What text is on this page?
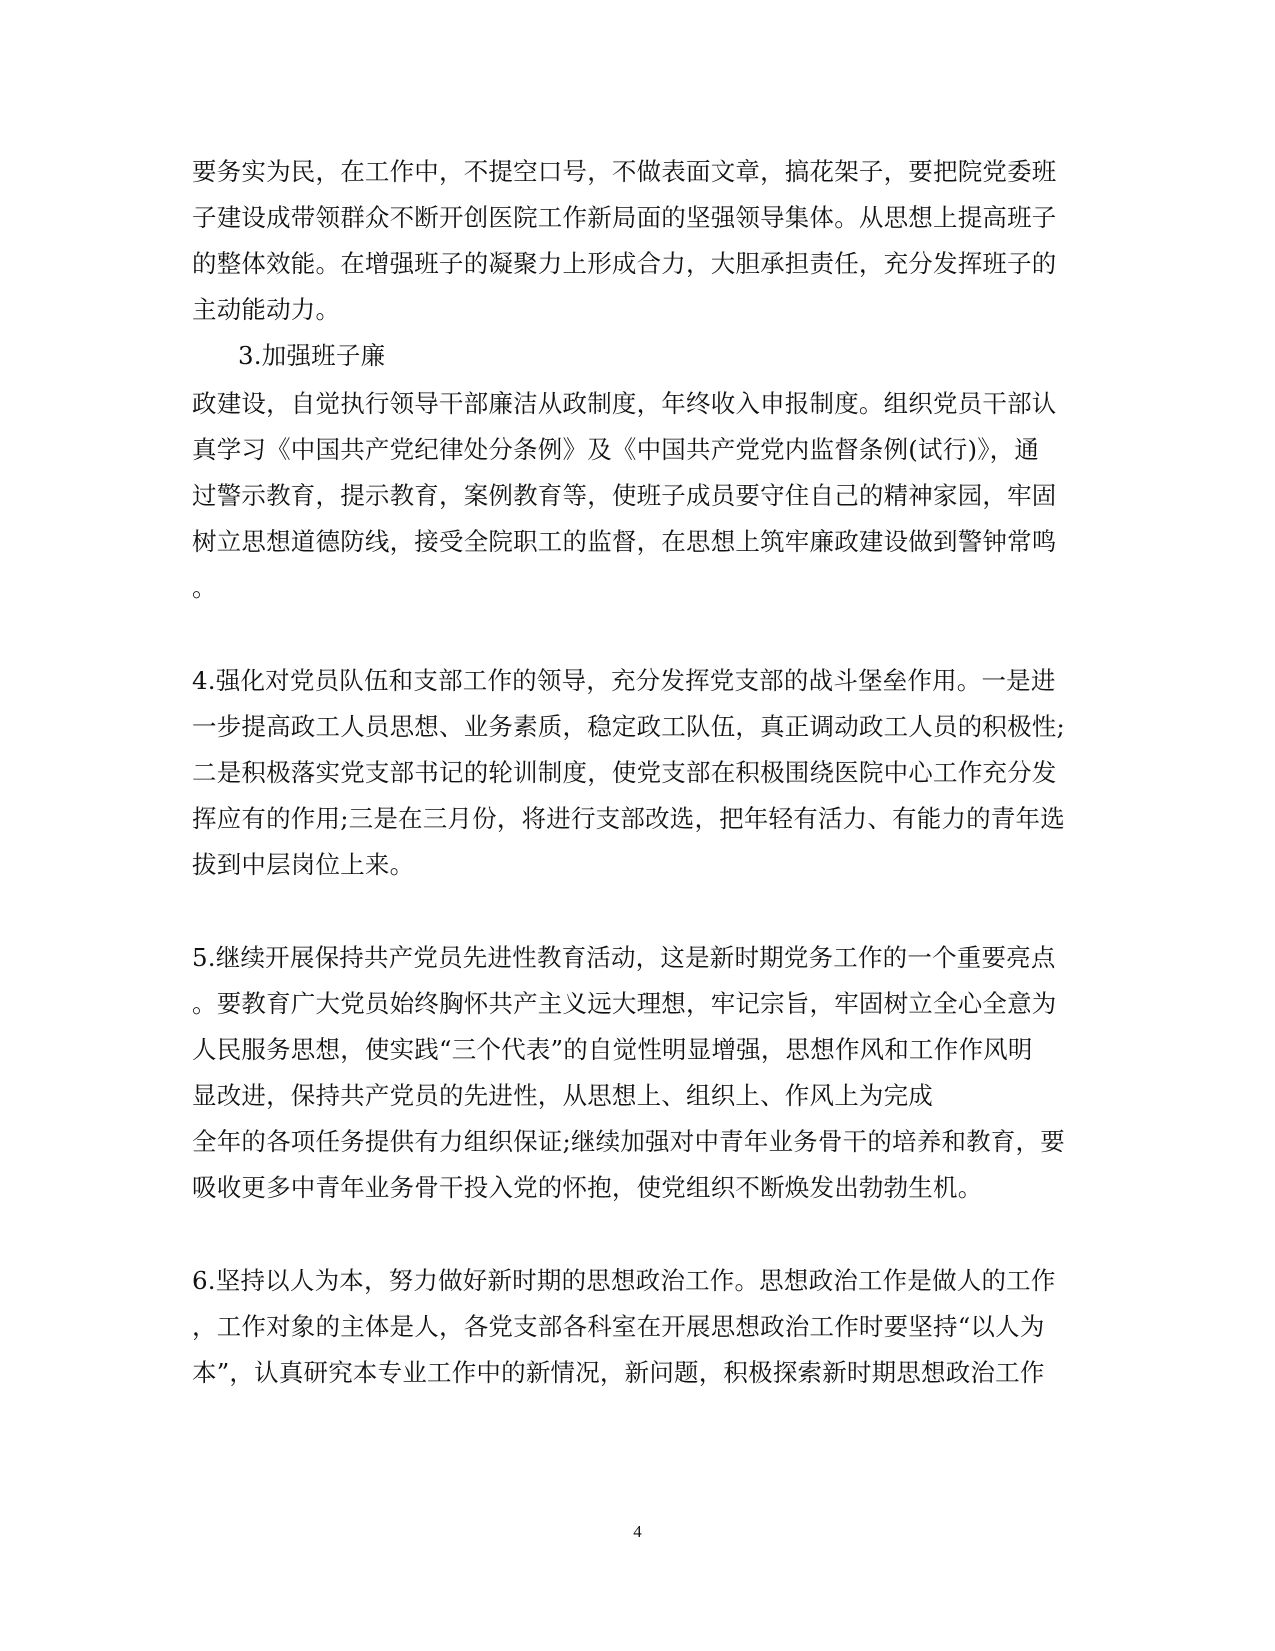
要务实为民，在工作中，不提空口号，不做表面文章，搞花架子，要把院党委班
子建设成带领群众不断开创医院工作新局面的坚强领导集体。从思想上提高班子
的整体效能。在增强班子的凝聚力上形成合力，大胆承担责任，充分发挥班子的
主动能动力。
3.加强班子廉
政建设，自觉执行领导干部廉洁从政制度，年终收入申报制度。组织党员干部认
真学习《中国共产党纪律处分条例》及《中国共产党党内监督条例(试行)》，通
过警示教育，提示教育，案例教育等，使班子成员要守住自己的精神家园，牢固
树立思想道德防线，接受全院职工的监督，在思想上筑牢廉政建设做到警钟常鸣
。
4.强化对党员队伍和支部工作的领导，充分发挥党支部的战斗堡垒作用。一是进
一步提高政工人员思想、业务素质，稳定政工队伍，真正调动政工人员的积极性;
二是积极落实党支部书记的轮训制度，使党支部在积极围绕医院中心工作充分发
挥应有的作用;三是在三月份，将进行支部改选，把年轻有活力、有能力的青年选
拔到中层岗位上来。
5.继续开展保持共产党员先进性教育活动，这是新时期党务工作的一个重要亮点
。要教育广大党员始终胸怀共产主义远大理想，牢记宗旨，牢固树立全心全意为
人民服务思想，使实践“三个代表”的自觉性明显增强，思想作风和工作作风明
显改进，保持共产党员的先进性，从思想上、组织上、作风上为完成
全年的各项任务提供有力组织保证;继续加强对中青年业务骨干的培养和教育，要
吸收更多中青年业务骨干投入党的怀抱，使党组织不断焕发出勃勃生机。
6.坚持以人为本，努力做好新时期的思想政治工作。思想政治工作是做人的工作
，工作对象的主体是人，各党支部各科室在开展思想政治工作时要坚持“以人为
本”，认真研究本专业工作中的新情况，新问题，积极探索新时期思想政治工作
4
